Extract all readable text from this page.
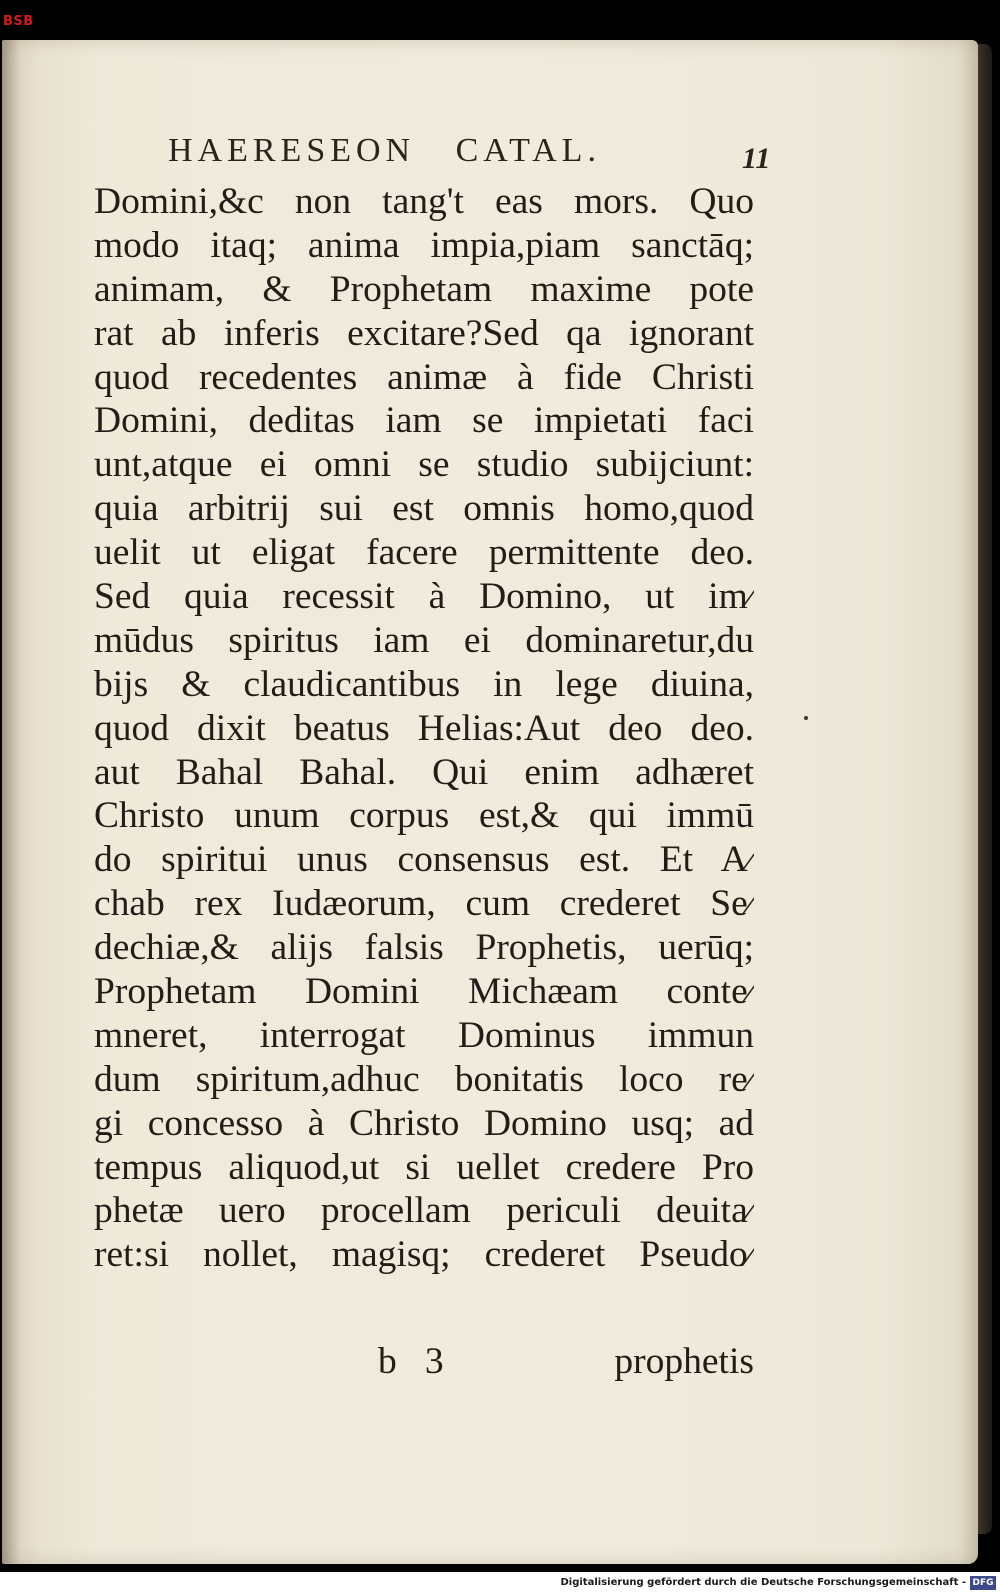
BSB
HAERESEON   CATAL.	11
Domini,&c non tang't eas mors. Quo
modo itaq; anima impia,piam sanctāq;
animam, & Prophetam maxime pote
rat ab inferis excitare?Sed qa ignorant
quod recedentes animæ à fide Christi
Domini, deditas iam se impietati faci
unt,atque ei omni se studio subijciunt:
quia arbitrij sui est omnis homo,quod
uelit ut eligat facere permittente deo.
Sed quia recessit à Domino, ut im⁄
mūdus spiritus iam ei dominaretur,du
bijs & claudicantibus in lege diuina,
quod dixit beatus Helias:Aut deo deo.
aut Bahal Bahal. Qui enim adhæret
Christo unum corpus est,& qui immū
do spiritui unus consensus est. Et A⁄
chab rex Iudæorum, cum crederet Se⁄
dechiæ,& alijs falsis Prophetis, uerūq;
Prophetam Domini Michæam conte⁄
mneret, interrogat Dominus immun
dum spiritum,adhuc bonitatis loco re⁄
gi concesso à Christo Domino usq; ad
tempus aliquod,ut si uellet credere Pro
phetæ uero procellam periculi deuita⁄
ret:si nollet, magisq; crederet Pseudo⁄
b   3	prophetis
Digitalisierung gefördert durch die Deutsche Forschungsgemeinschaft - DFG
